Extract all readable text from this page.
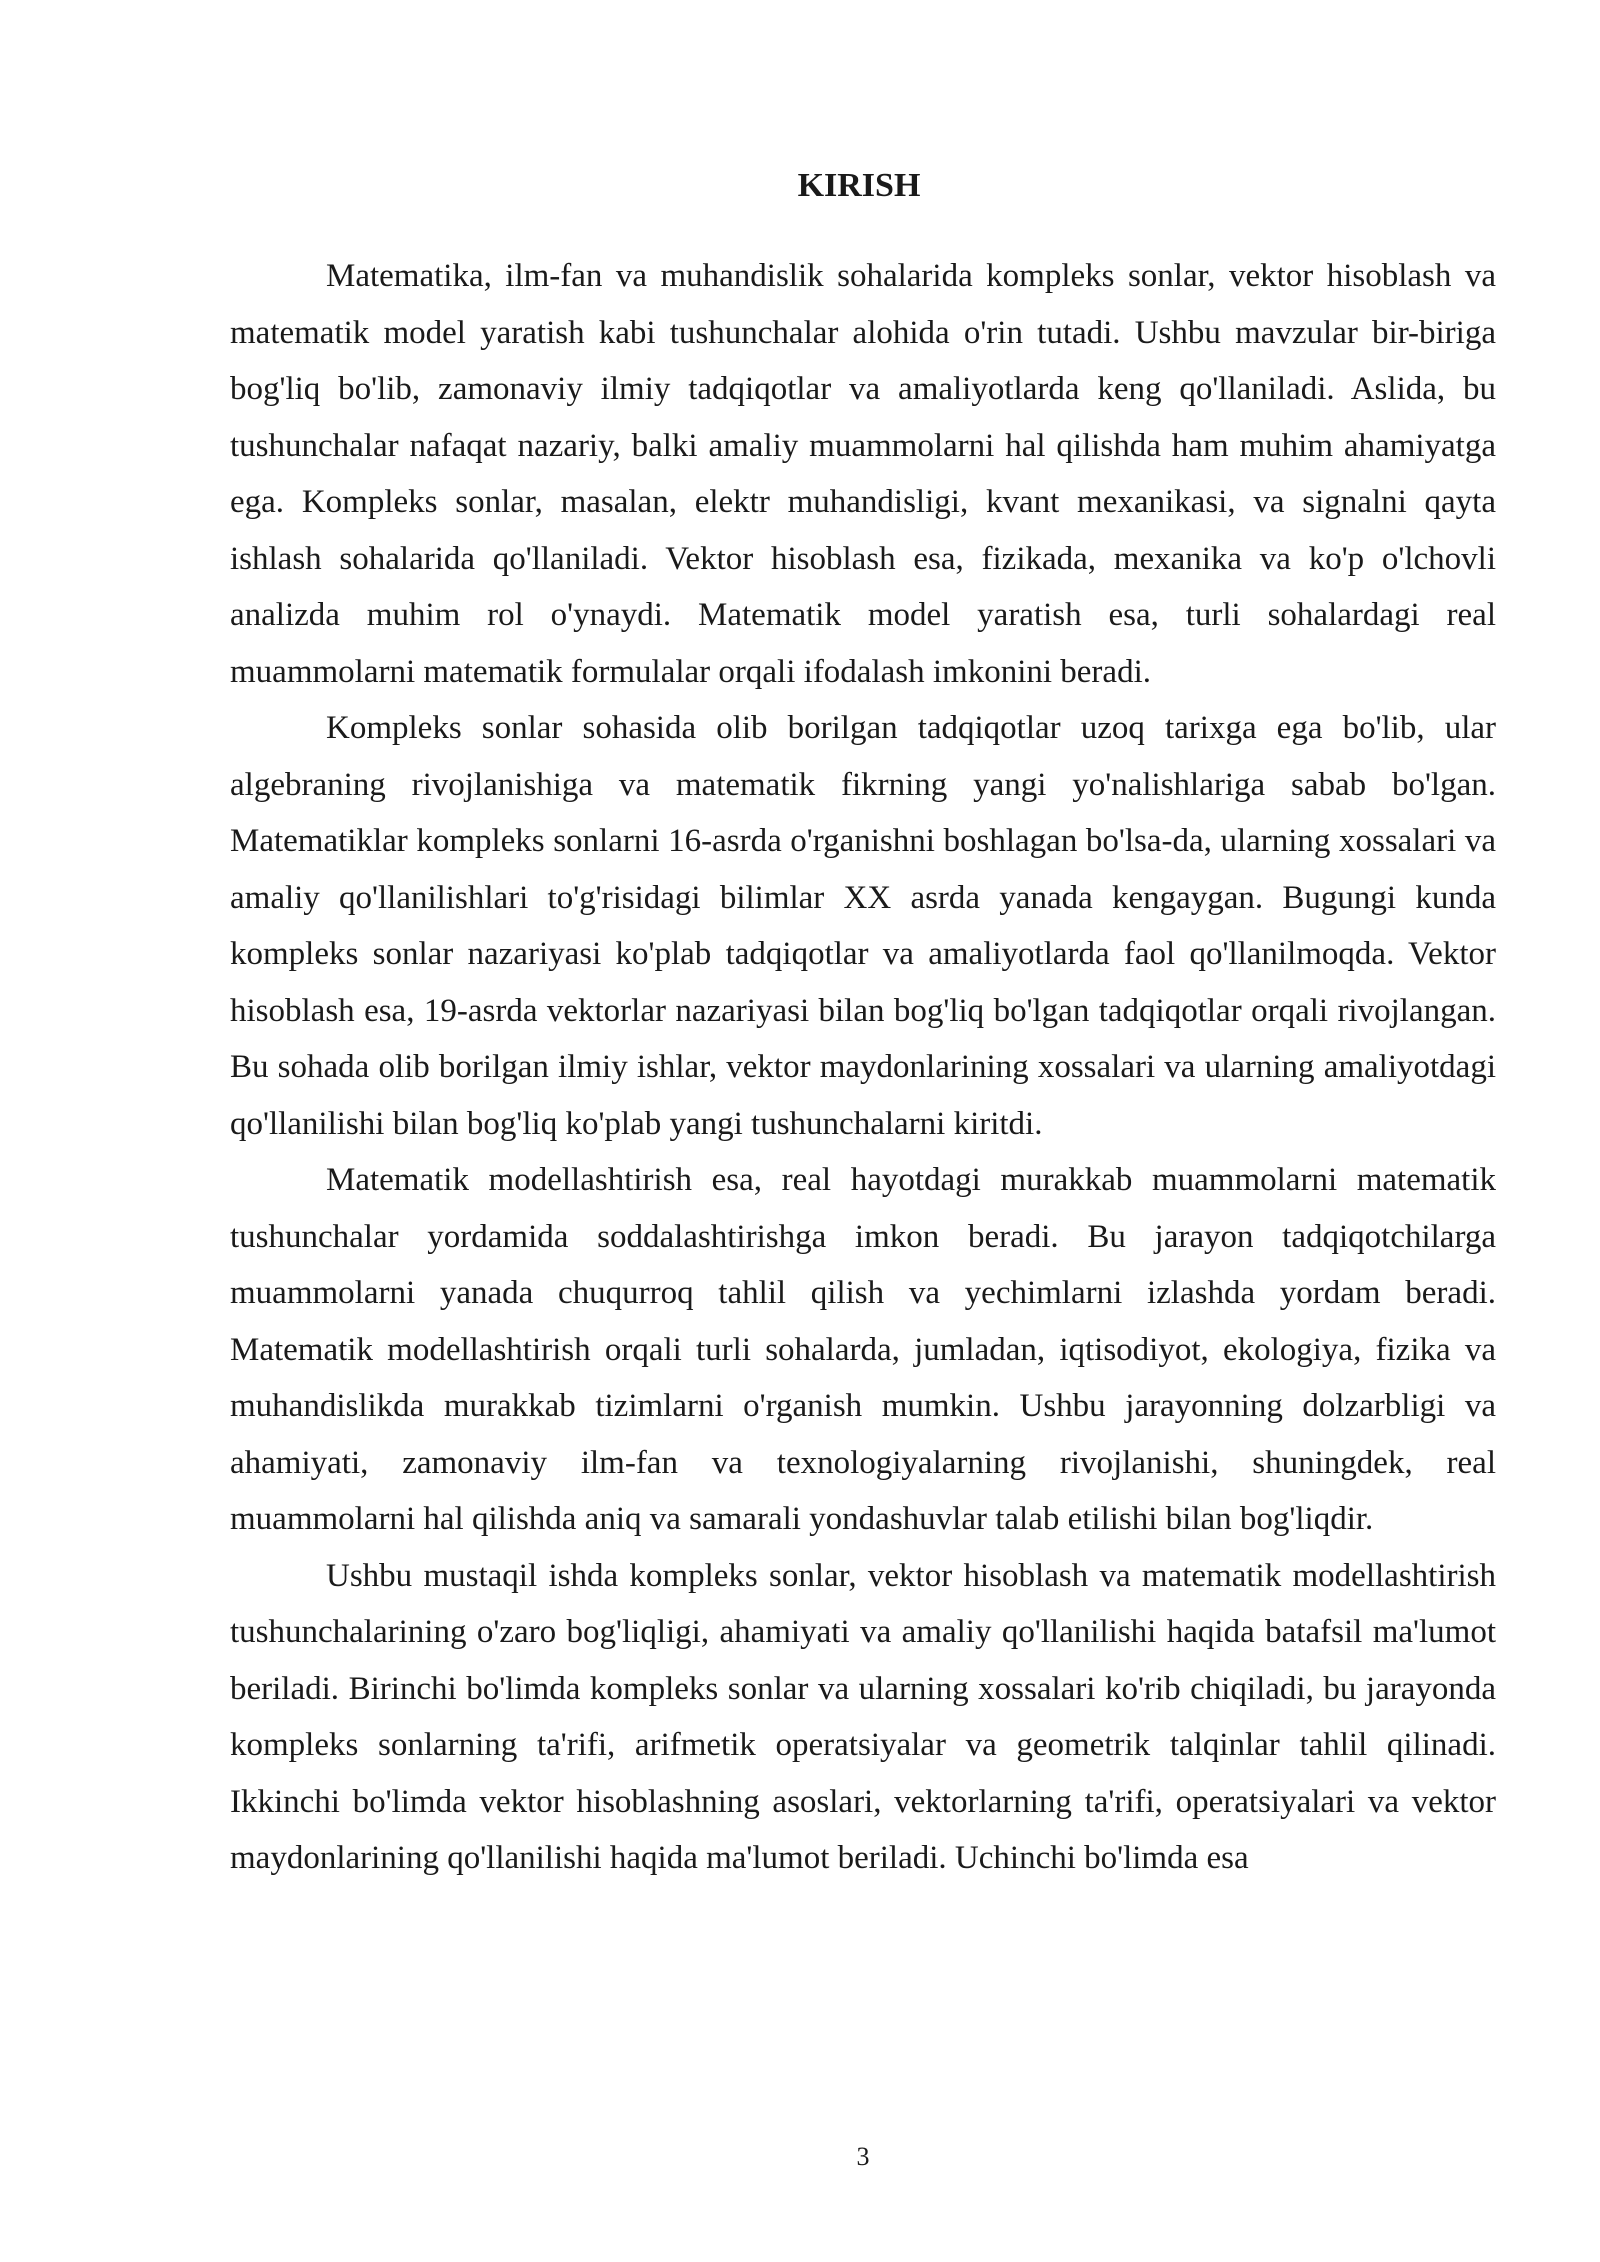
KIRISH

Matematika, ilm-fan va muhandislik sohalarida kompleks sonlar, vektor hisoblash va matematik model yaratish kabi tushunchalar alohida o'rin tutadi. Ushbu mavzular bir-biriga bog'liq bo'lib, zamonaviy ilmiy tadqiqotlar va amaliyotlarda keng qo'llaniladi. Aslida, bu tushunchalar nafaqat nazariy, balki amaliy muammolarni hal qilishda ham muhim ahamiyatga ega. Kompleks sonlar, masalan, elektr muhandisligi, kvant mexanikasi, va signalni qayta ishlash sohalarida qo'llaniladi. Vektor hisoblash esa, fizikada, mexanika va ko'p o'lchovli analizda muhim rol o'ynaydi. Matematik model yaratish esa, turli sohalardagi real muammolarni matematik formulalar orqali ifodalash imkonini beradi.

Kompleks sonlar sohasida olib borilgan tadqiqotlar uzoq tarixga ega bo'lib, ular algebraning rivojlanishiga va matematik fikrning yangi yo'nalishlariga sabab bo'lgan. Matematiklar kompleks sonlarni 16-asrda o'rganishni boshlagan bo'lsa-da, ularning xossalari va amaliy qo'llanilishlari to'g'risidagi bilimlar XX asrda yanada kengaygan. Bugungi kunda kompleks sonlar nazariyasi ko'plab tadqiqotlar va amaliyotlarda faol qo'llanilmoqda. Vektor hisoblash esa, 19-asrda vektorlar nazariyasi bilan bog'liq bo'lgan tadqiqotlar orqali rivojlangan. Bu sohada olib borilgan ilmiy ishlar, vektor maydonlarining xossalari va ularning amaliyotdagi qo'llanilishi bilan bog'liq ko'plab yangi tushunchalarni kiritdi.

Matematik modellashtirish esa, real hayotdagi murakkab muammolarni matematik tushunchalar yordamida soddalashtirishga imkon beradi. Bu jarayon tadqiqotchilarga muammolarni yanada chuqurroq tahlil qilish va yechimlarni izlashda yordam beradi. Matematik modellashtirish orqali turli sohalarda, jumladan, iqtisodiyot, ekologiya, fizika va muhandislikda murakkab tizimlarni o'rganish mumkin. Ushbu jarayonning dolzarbligi va ahamiyati, zamonaviy ilm-fan va texnologiyalarning rivojlanishi, shuningdek, real muammolarni hal qilishda aniq va samarali yondashuvlar talab etilishi bilan bog'liqdir.

Ushbu mustaqil ishda kompleks sonlar, vektor hisoblash va matematik modellashtirish tushunchalarining o'zaro bog'liqligi, ahamiyati va amaliy qo'llanilishi haqida batafsil ma'lumot beriladi. Birinchi bo'limda kompleks sonlar va ularning xossalari ko'rib chiqiladi, bu jarayonda kompleks sonlarning ta'rifi, arifmetik operatsiyalar va geometrik talqinlar tahlil qilinadi. Ikkinchi bo'limda vektor hisoblashning asoslari, vektorlarning ta'rifi, operatsiyalari va vektor maydonlarining qo'llanilishi haqida ma'lumot beriladi. Uchinchi bo'limda esa

3
